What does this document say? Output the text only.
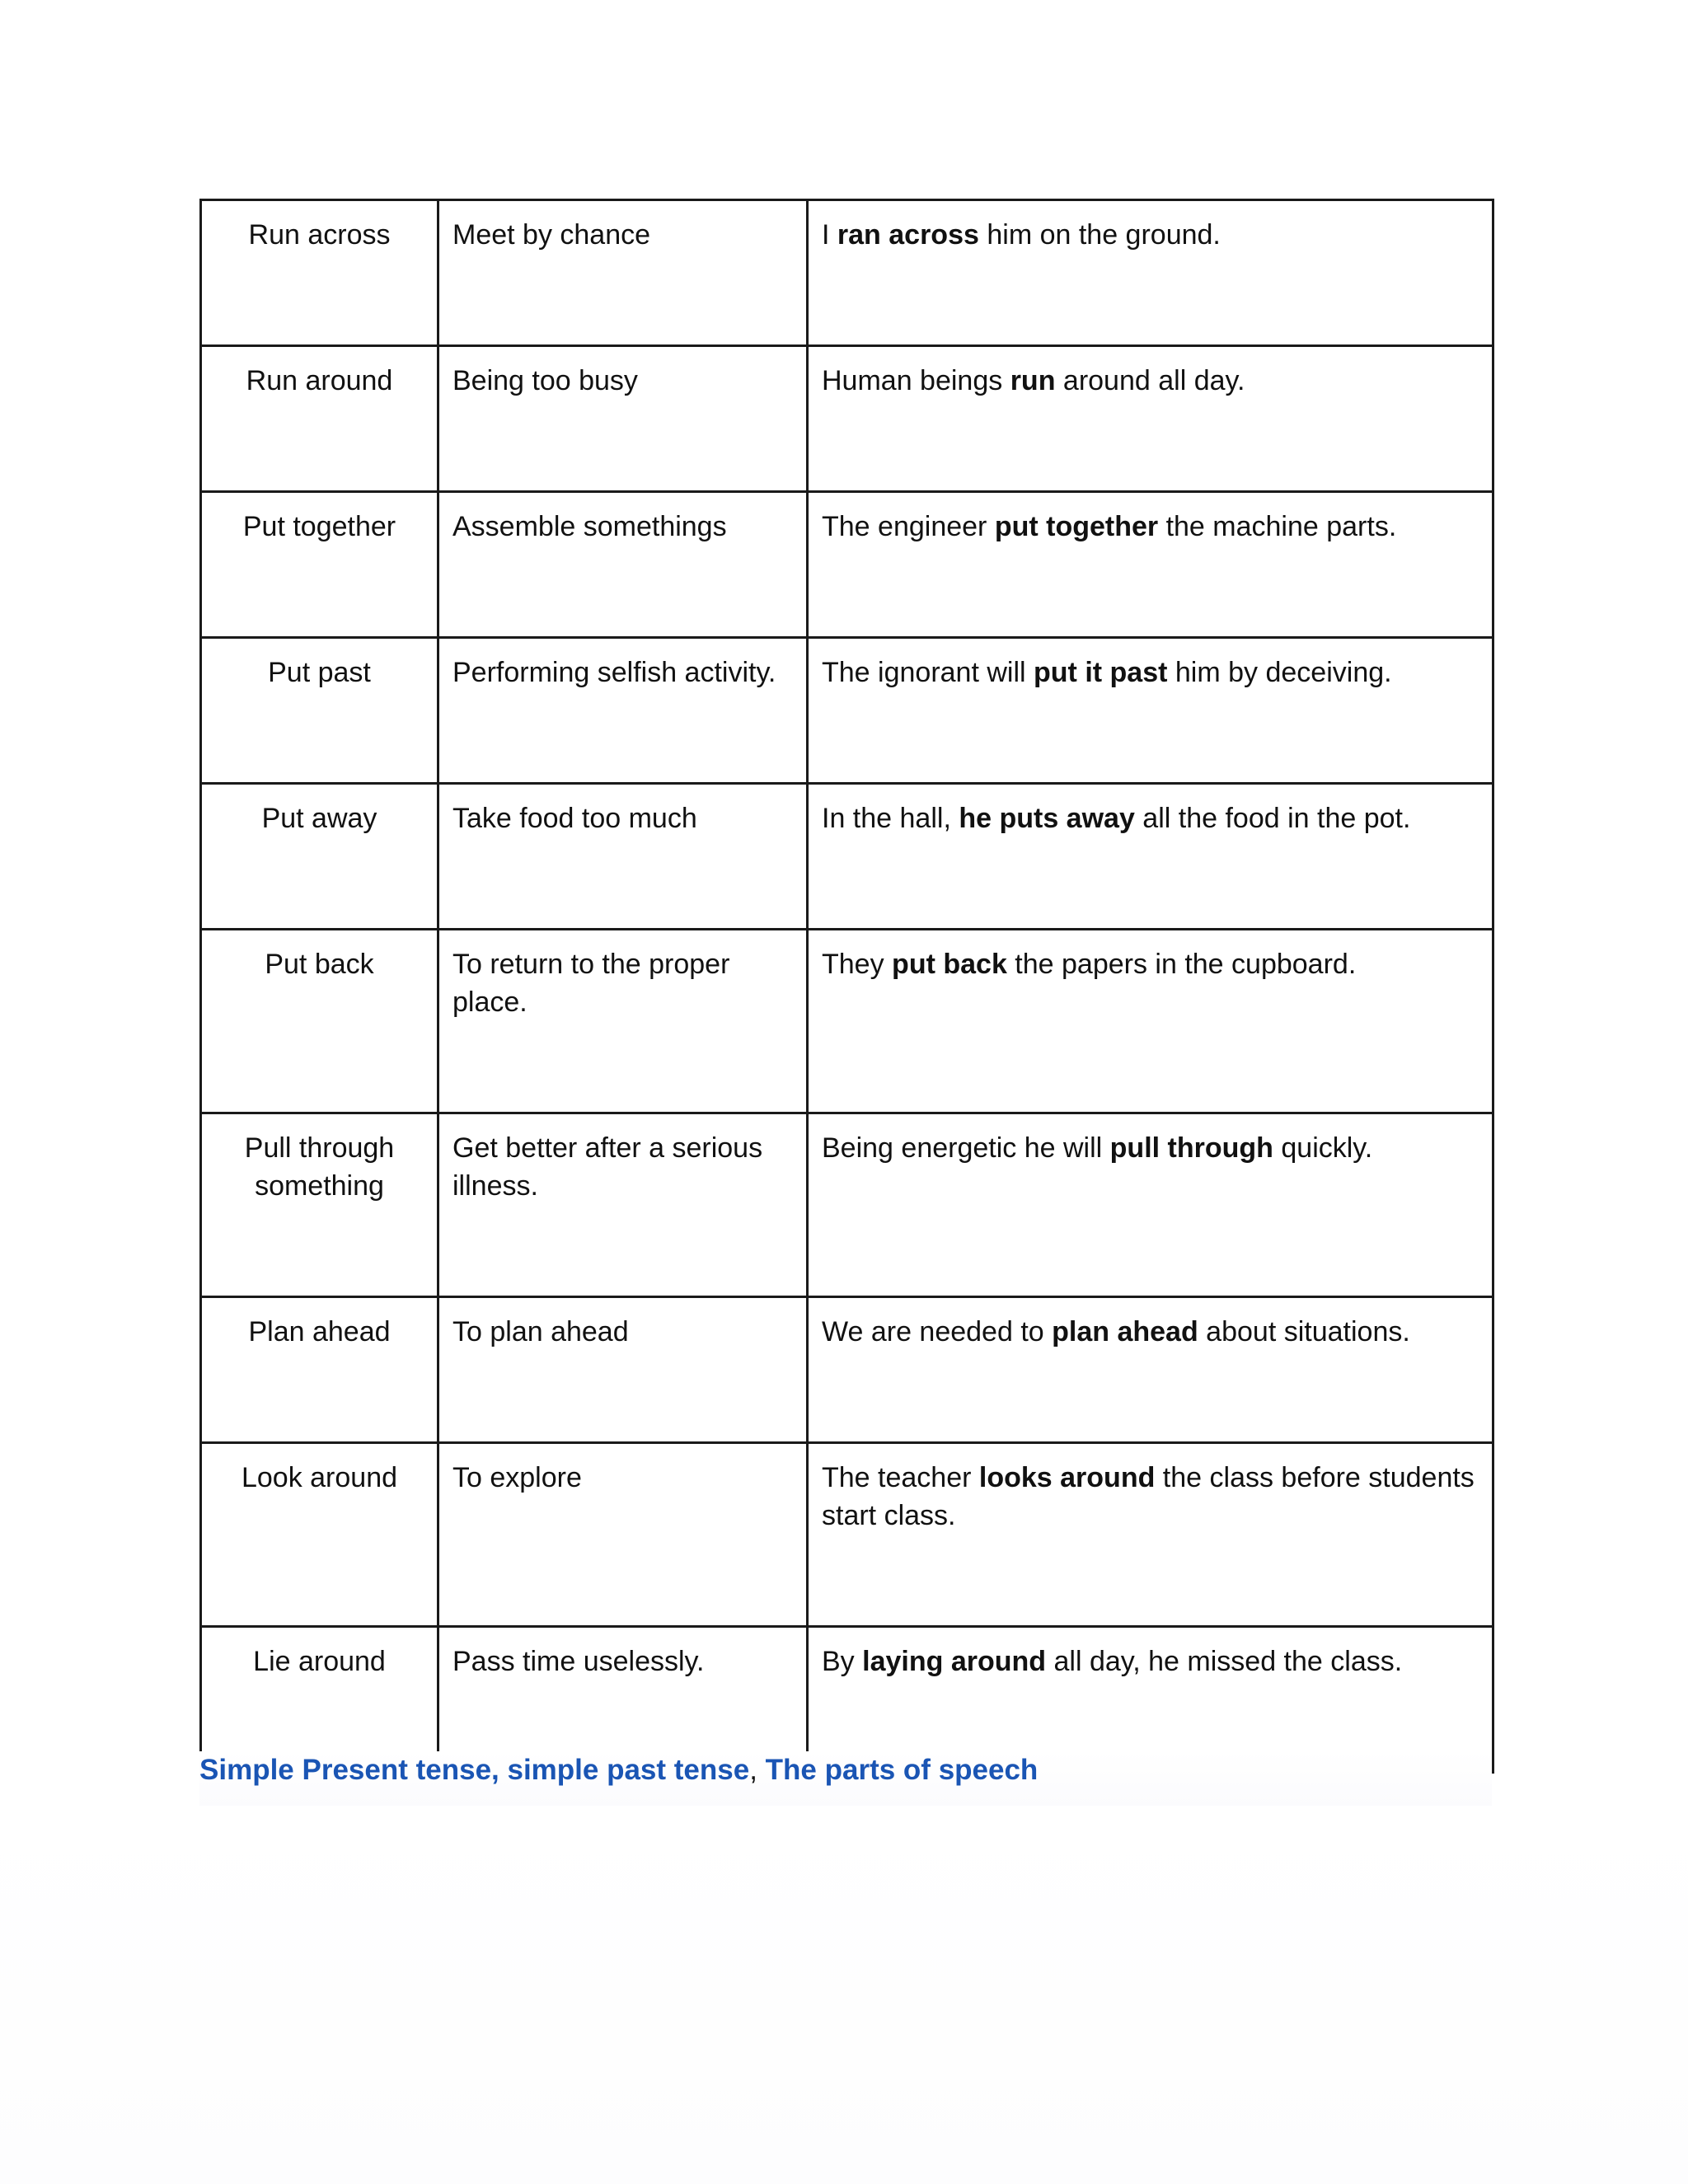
Run across	Meet by chance	I ran across him on the ground.
Run around	Being too busy	Human beings run around all day.
Put together	Assemble somethings	The engineer put together the machine parts.
Put past	Performing selfish activity.	The ignorant will put it past him by deceiving.
Put away	Take food too much	In the hall, he puts away all the food in the pot.
Put back	To return to the proper place.	They put back the papers in the cupboard.
Pull through something	Get better after a serious illness.	Being energetic he will pull through quickly.
Plan ahead	To plan ahead	We are needed to plan ahead about situations.
Look around	To explore	The teacher looks around the class before students start class.
Lie around	Pass time uselessly.	By laying around all day, he missed the class.
Simple Present tense, simple past tense, The parts of speech
